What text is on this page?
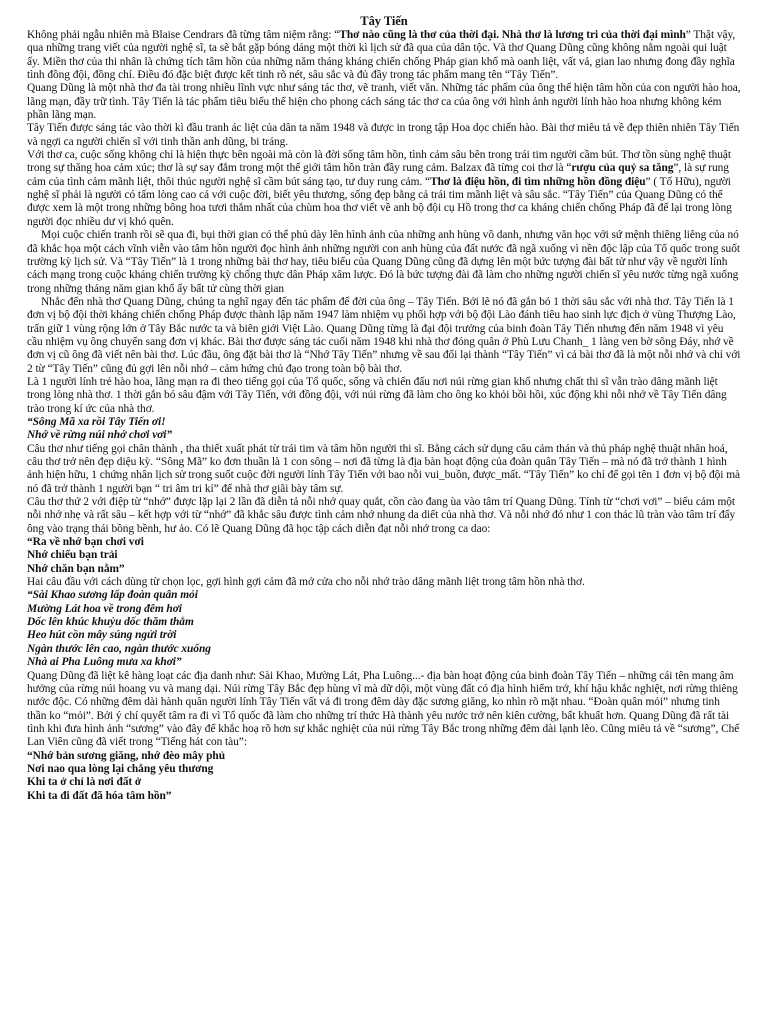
Tây Tiến

Không phải ngẫu nhiên mà Blaise Cendrars đã từng tâm niệm rằng: “Thơ nào cũng là thơ của thời đại. Nhà thơ là lương tri của thời đại mình” Thật vậy, qua những trang viết của người nghệ sĩ, ta sẽ bắt gặp bóng dáng một thời kì lịch sử đã qua của dân tộc. Và thơ Quang Dũng cũng không nằm ngoài qui luật ấy. Miền thơ của thi nhân là chứng tích tâm hồn của những năm tháng kháng chiến chống Pháp gian khổ mà oanh liệt, vất vả, gian lao nhưng đong đầy nghĩa tình đồng đội, đồng chí. Điều đó đặc biệt được kết tinh rõ nét, sâu sắc và đủ đầy trong tác phẩm mang tên “Tây Tiến”.

Quang Dũng là một nhà thơ đa tài trong nhiều lĩnh vực như sáng tác thơ, vẽ tranh, viết văn. Những tác phẩm của ông thể hiện tâm hồn của con người hào hoa, lãng mạn, đầy trữ tình. Tây Tiến là tác phẩm tiêu biểu thể hiện cho phong cách sáng tác thơ ca của ông với hình ảnh người lính hào hoa nhưng không kém phần lãng mạn.

Tây Tiến được sáng tác vào thời kì đầu tranh ác liệt của dân ta năm 1948 và được in trong tập Hoa dọc chiến hào. Bài thơ miêu tả về đẹp thiên nhiên Tây Tiến và ngợi ca người chiến sĩ với tinh thần anh dũng, bi tráng.

Với thơ ca, cuộc sống không chỉ là hiện thực bên ngoài mà còn là đời sống tâm hồn, tình cảm sâu bên trong trái tim người cầm bút. Thơ tồn sùng nghệ thuật trong sự thăng hoa cảm xúc; thơ là sự say đắm trong một thế giới tâm hồn tràn đầy rung cảm. Balzax đã từng coi thơ là “rượu của quỷ sa tăng”, là sự rung cảm của tình cảm mãnh liệt, thôi thúc người nghệ sĩ cầm bút sáng tạo, tư duy rung cảm. “Thơ là điệu hồn, đi tìm những hồn đồng điệu” ( Tố Hữu), người nghệ sĩ phải là người có tấm lòng cao cả với cuộc đời, biết yêu thương, sống đẹp bằng cả trái tim mãnh liệt và sâu sắc. “Tây Tiến” của Quang Dũng có thể được xem là một trong những bông hoa tươi thắm nhất của chùm hoa thơ viết về anh bộ đội cụ Hồ trong thơ ca kháng chiến chống Pháp đã để lại trong lòng người đọc nhiều dư vị khó quên.

Mọi cuộc chiến tranh rồi sẽ qua đi, bụi thời gian có thể phủ dày lên hình ảnh của những anh hùng vô danh, nhưng văn học với sứ mệnh thiêng liêng của nó đã khắc họa một cách vĩnh viễn vào tâm hồn người đọc hình ảnh những người con anh hùng của đất nước đã ngã xuống vì nền độc lập của Tổ quốc trong suốt trường kỳ lịch sử. Và “Tây Tiến” là 1 trong những bài thơ hay, tiêu biểu của Quang Dũng cũng đã dựng lên một bức tượng đài bất tử như vậy về người lính cách mạng trong cuộc kháng chiến trường kỳ chống thực dân Pháp xâm lược. Đó là bức tượng đài đã làm cho những người chiến sĩ yêu nước từng ngã xuống trong những tháng năm gian khổ ấy bất tử cùng thời gian

Nhắc đến nhà thơ Quang Dũng, chúng ta nghĩ ngay đến tác phẩm để đời của ông – Tây Tiến. Bởi lẽ nó đã gắn bó 1 thời sâu sắc với nhà thơ. Tây Tiến là 1 đơn vị bộ đội thời kháng chiến chống Pháp được thành lập năm 1947 làm nhiệm vụ phối hợp với bộ đội Lào đánh tiêu hao sinh lực địch ở vùng Thượng Lào, trấn giữ 1 vùng rộng lớn ở Tây Bắc nước ta và biên giới Việt Lào. Quang Dũng từng là đại đội trưởng của binh đoàn Tây Tiến nhưng đến năm 1948 vì yêu cầu nhiệm vụ ông chuyển sang đơn vị khác. Bài thơ được sáng tác cuối năm 1948 khi nhà thơ đóng quân ở Phù Lưu Chanh_ 1 làng ven bờ sông Đáy, nhớ về đơn vị cũ ông đã viết nên bài thơ. Lúc đầu, ông đặt bài thơ là “Nhớ Tây Tiến” nhưng về sau đổi lại thành “Tây Tiến” vì cả bài thơ đã là một nỗi nhớ và chỉ với 2 từ “Tây Tiến” cũng đủ gợi lên nỗi nhớ – cảm hứng chủ đạo trong toàn bộ bài thơ.

Là 1 người lính trẻ hào hoa, lãng mạn ra đi theo tiếng gọi của Tổ quốc, sống và chiến đấu nơi núi rừng gian khổ nhưng chất thi sĩ vẫn trào dâng mãnh liệt trong lòng nhà thơ. 1 thời gắn bó sâu đậm với Tây Tiến, với đồng đội, với núi rừng đã làm cho ông ko khỏi bồi hồi, xúc động khi nỗi nhớ về Tây Tiến dâng trào trong kí ức của nhà thơ.

“Sông Mã xa rồi Tây Tiến ơi!

Nhớ về rừng núi nhớ chơi vơi”

Câu thơ như tiếng gọi chân thành , tha thiết xuất phát từ trái tim và tâm hồn người thi sĩ. Bằng cách sử dụng câu cảm thán và thủ pháp nghệ thuật nhân hoá, câu thơ trở nên đẹp diệu kỳ. “Sông Mã” ko đơn thuần là 1 con sông – nơi đã từng là địa bàn hoạt động của đoàn quân Tây Tiến – mà nó đã trở thành 1 hình ảnh hiện hữu, 1 chứng nhân lịch sử trong suốt cuộc đời người lính Tây Tiến với bao nỗi vui_buồn, được_mất. “Tây Tiến” ko chỉ để gọi tên 1 đơn vị bộ đội mà nó đã trở thành 1 người bạn “ tri âm tri kỉ” để nhà thơ giãi bày tâm sự.

Câu thơ thứ 2 với điệp từ “nhớ” được lặp lại 2 lần đã diễn tả nỗi nhớ quay quắt, cồn cào đang ùa vào tâm trí Quang Dũng. Tính từ “chơi vơi” – biểu cảm một nỗi nhớ nhẹ và rất sâu – kết hợp với từ “nhớ” đã khắc sâu được tình cảm nhớ nhung da diết của nhà thơ. Và nỗi nhớ đó như 1 con thác lũ tràn vào tâm trí đẩy ông vào trạng thái bồng bềnh, hư ảo. Có lẽ Quang Dũng đã học tập cách diễn đạt nỗi nhớ trong ca dao:

“Ra về nhớ bạn chơi vơi

Nhớ chiếu bạn trải

Nhớ chăn bạn nằm”

Hai câu đầu với cách dùng từ chọn lọc, gợi hình gợi cảm đã mở cửa cho nỗi nhớ trào dâng mãnh liệt trong tâm hồn nhà thơ.

“Sài Khao sương lấp đoàn quân mỏi

Mường Lát hoa về trong đêm hơi

Dốc lên khúc khuỷu dốc thăm thẳm

Heo hút cồn mây súng ngửi trời

Ngàn thước lên cao, ngàn thước xuống

Nhà ai Pha Luông mưa xa khơi”

Quang Dũng đã liệt kê hàng loạt các địa danh như: Sài Khao, Mường Lát, Pha Luông...- địa bàn hoạt động của binh đoàn Tây Tiến – những cái tên mang âm hưởng của rừng núi hoang vu và mang dại. Núi rừng Tây Bắc đẹp hùng vĩ mà dữ dội, một vùng đất có địa hình hiểm trở, khí hậu khắc nghiệt, nơi rừng thiêng nước độc. Có những đêm dài hành quân người lính Tây Tiến vất vả đi trong đêm dày đặc sương giăng, ko nhìn rõ mặt nhau. “Đoàn quân mỏi” nhưng tinh thần ko “mỏi”. Bởi ý chí quyết tâm ra đi vì Tổ quốc đã làm cho những trí thức Hà thành yêu nước trở nên kiên cường, bất khuất hơn. Quang Dũng đã rất tài tình khi đưa hình ảnh “sương” vào đây để khắc hoạ rõ hơn sự khắc nghiệt của núi rừng Tây Bắc trong những đêm dài lạnh lẽo. Cũng miêu tả về “sương”, Chế Lan Viên cũng đã viết trong “Tiếng hát con tàu”:

“Nhớ bản sương giăng, nhớ đèo mây phủ

Nơi nao qua lòng lại chẳng yêu thương

Khi ta ở chỉ là nơi đất ở

Khi ta đi đất đã hóa tâm hồn”
